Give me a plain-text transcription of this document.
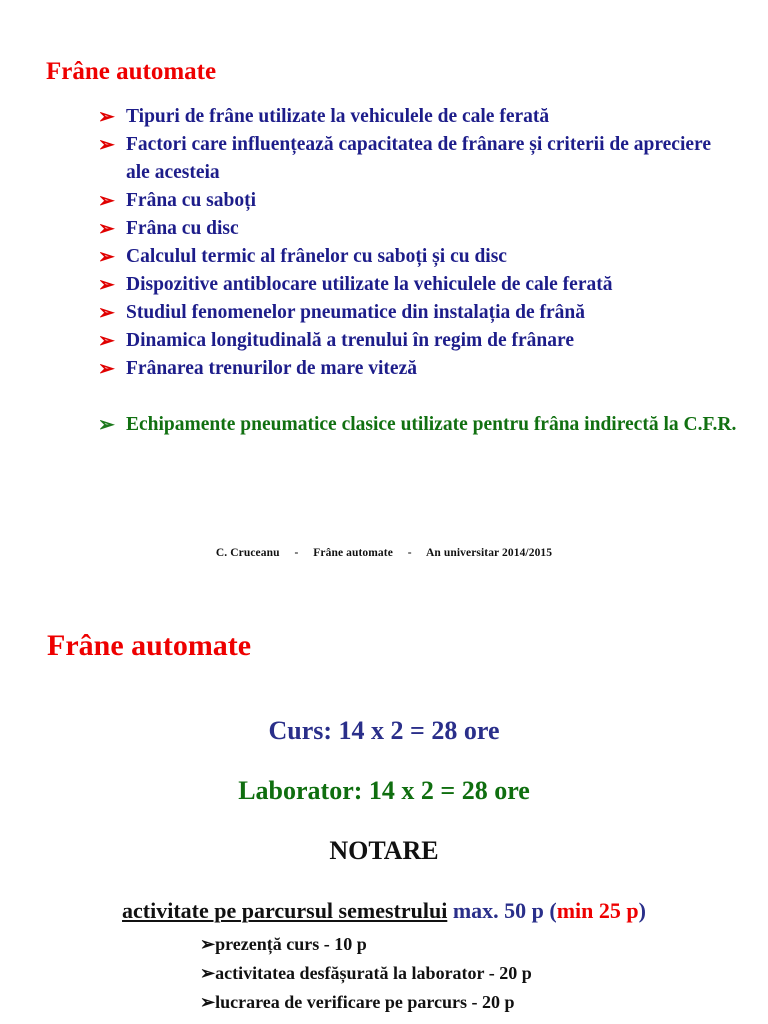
Frâne automate
➢ Tipuri de frâne utilizate la vehiculele de cale ferată
➢ Factori care influențează capacitatea de frânare și criterii de apreciere ale acesteia
➢ Frâna cu saboți
➢ Frâna cu disc
➢ Calculul termic al frânelor cu saboți și cu disc
➢ Dispozitive antiblocare utilizate la vehiculele de cale ferată
➢ Studiul fenomenelor pneumatice din instalația de frână
➢ Dinamica longitudinală a trenului în regim de frânare
➢ Frânarea trenurilor de mare viteză
➢ Echipamente pneumatice clasice utilizate pentru frâna indirectă la C.F.R.
C. Cruceanu - Frâne automate - An universitar 2014/2015
Frâne automate
Curs: 14 x 2 = 28 ore
Laborator: 14 x 2 = 28 ore
NOTARE
activitate pe parcursul semestrului max. 50 p (min 25 p)
➢prezență curs - 10 p
➢activitatea desfășurată la laborator - 20 p
➢lucrarea de verificare pe parcurs - 20 p
